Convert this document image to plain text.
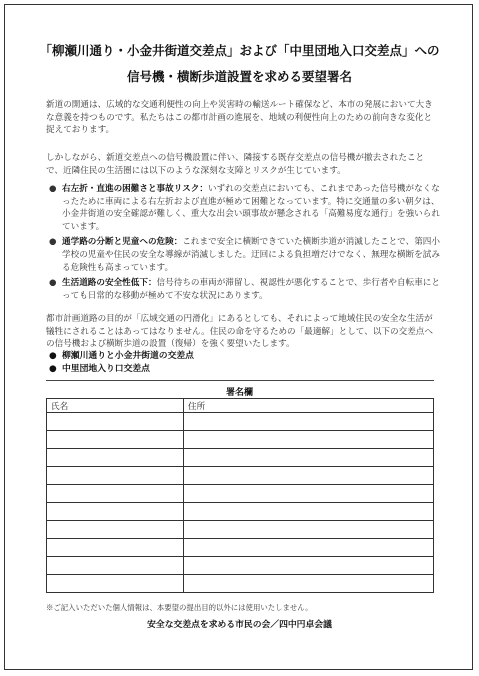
「柳瀬川通り・小金井街道交差点」および「中里団地入口交差点」への
信号機・横断歩道設置を求める要望署名
新道の開通は、広域的な交通利便性の向上や災害時の輸送ルート確保など、本市の発展において大きな意義を持つものです。私たちはこの都市計画の進展を、地域の利便性向上のための前向きな変化と捉えております。
しかしながら、新道交差点への信号機設置に伴い、隣接する既存交差点の信号機が撤去されたことで、近隣住民の生活圏には以下のような深刻な支障とリスクが生じています。
● 右左折・直進の困難さと事故リスク：いずれの交差点においても、これまであった信号機がなくなったために車両による右左折および直進が極めて困難となっています。特に交通量の多い朝夕は、小金井街道の安全確認が難しく、重大な出会い頭事故が懸念される「高難易度な通行」を強いられています。
● 通学路の分断と児童への危険：これまで安全に横断できていた横断歩道が消滅したことで、第四小学校の児童や住民の安全な導線が消滅しました。迂回による負担増だけでなく、無理な横断を試みる危険性も高まっています。
● 生活道路の安全性低下：信号待ちの車両が滞留し、視認性が悪化することで、歩行者や自転車にとっても日常的な移動が極めて不安な状況にあります。
都市計画道路の目的が「広域交通の円滑化」にあるとしても、それによって地域住民の安全な生活が犠牲にされることはあってはなりません。住民の命を守るための「最適解」として、以下の交差点への信号機および横断歩道の設置（復帰）を強く要望いたします。
● 柳瀬川通りと小金井街道の交差点
● 中里団地入り口交差点
署名欄
氏名	住所

※ご記入いただいた個人情報は、本要望の提出目的以外には使用いたしません。
安全な交差点を求める市民の会／四中円卓会議
